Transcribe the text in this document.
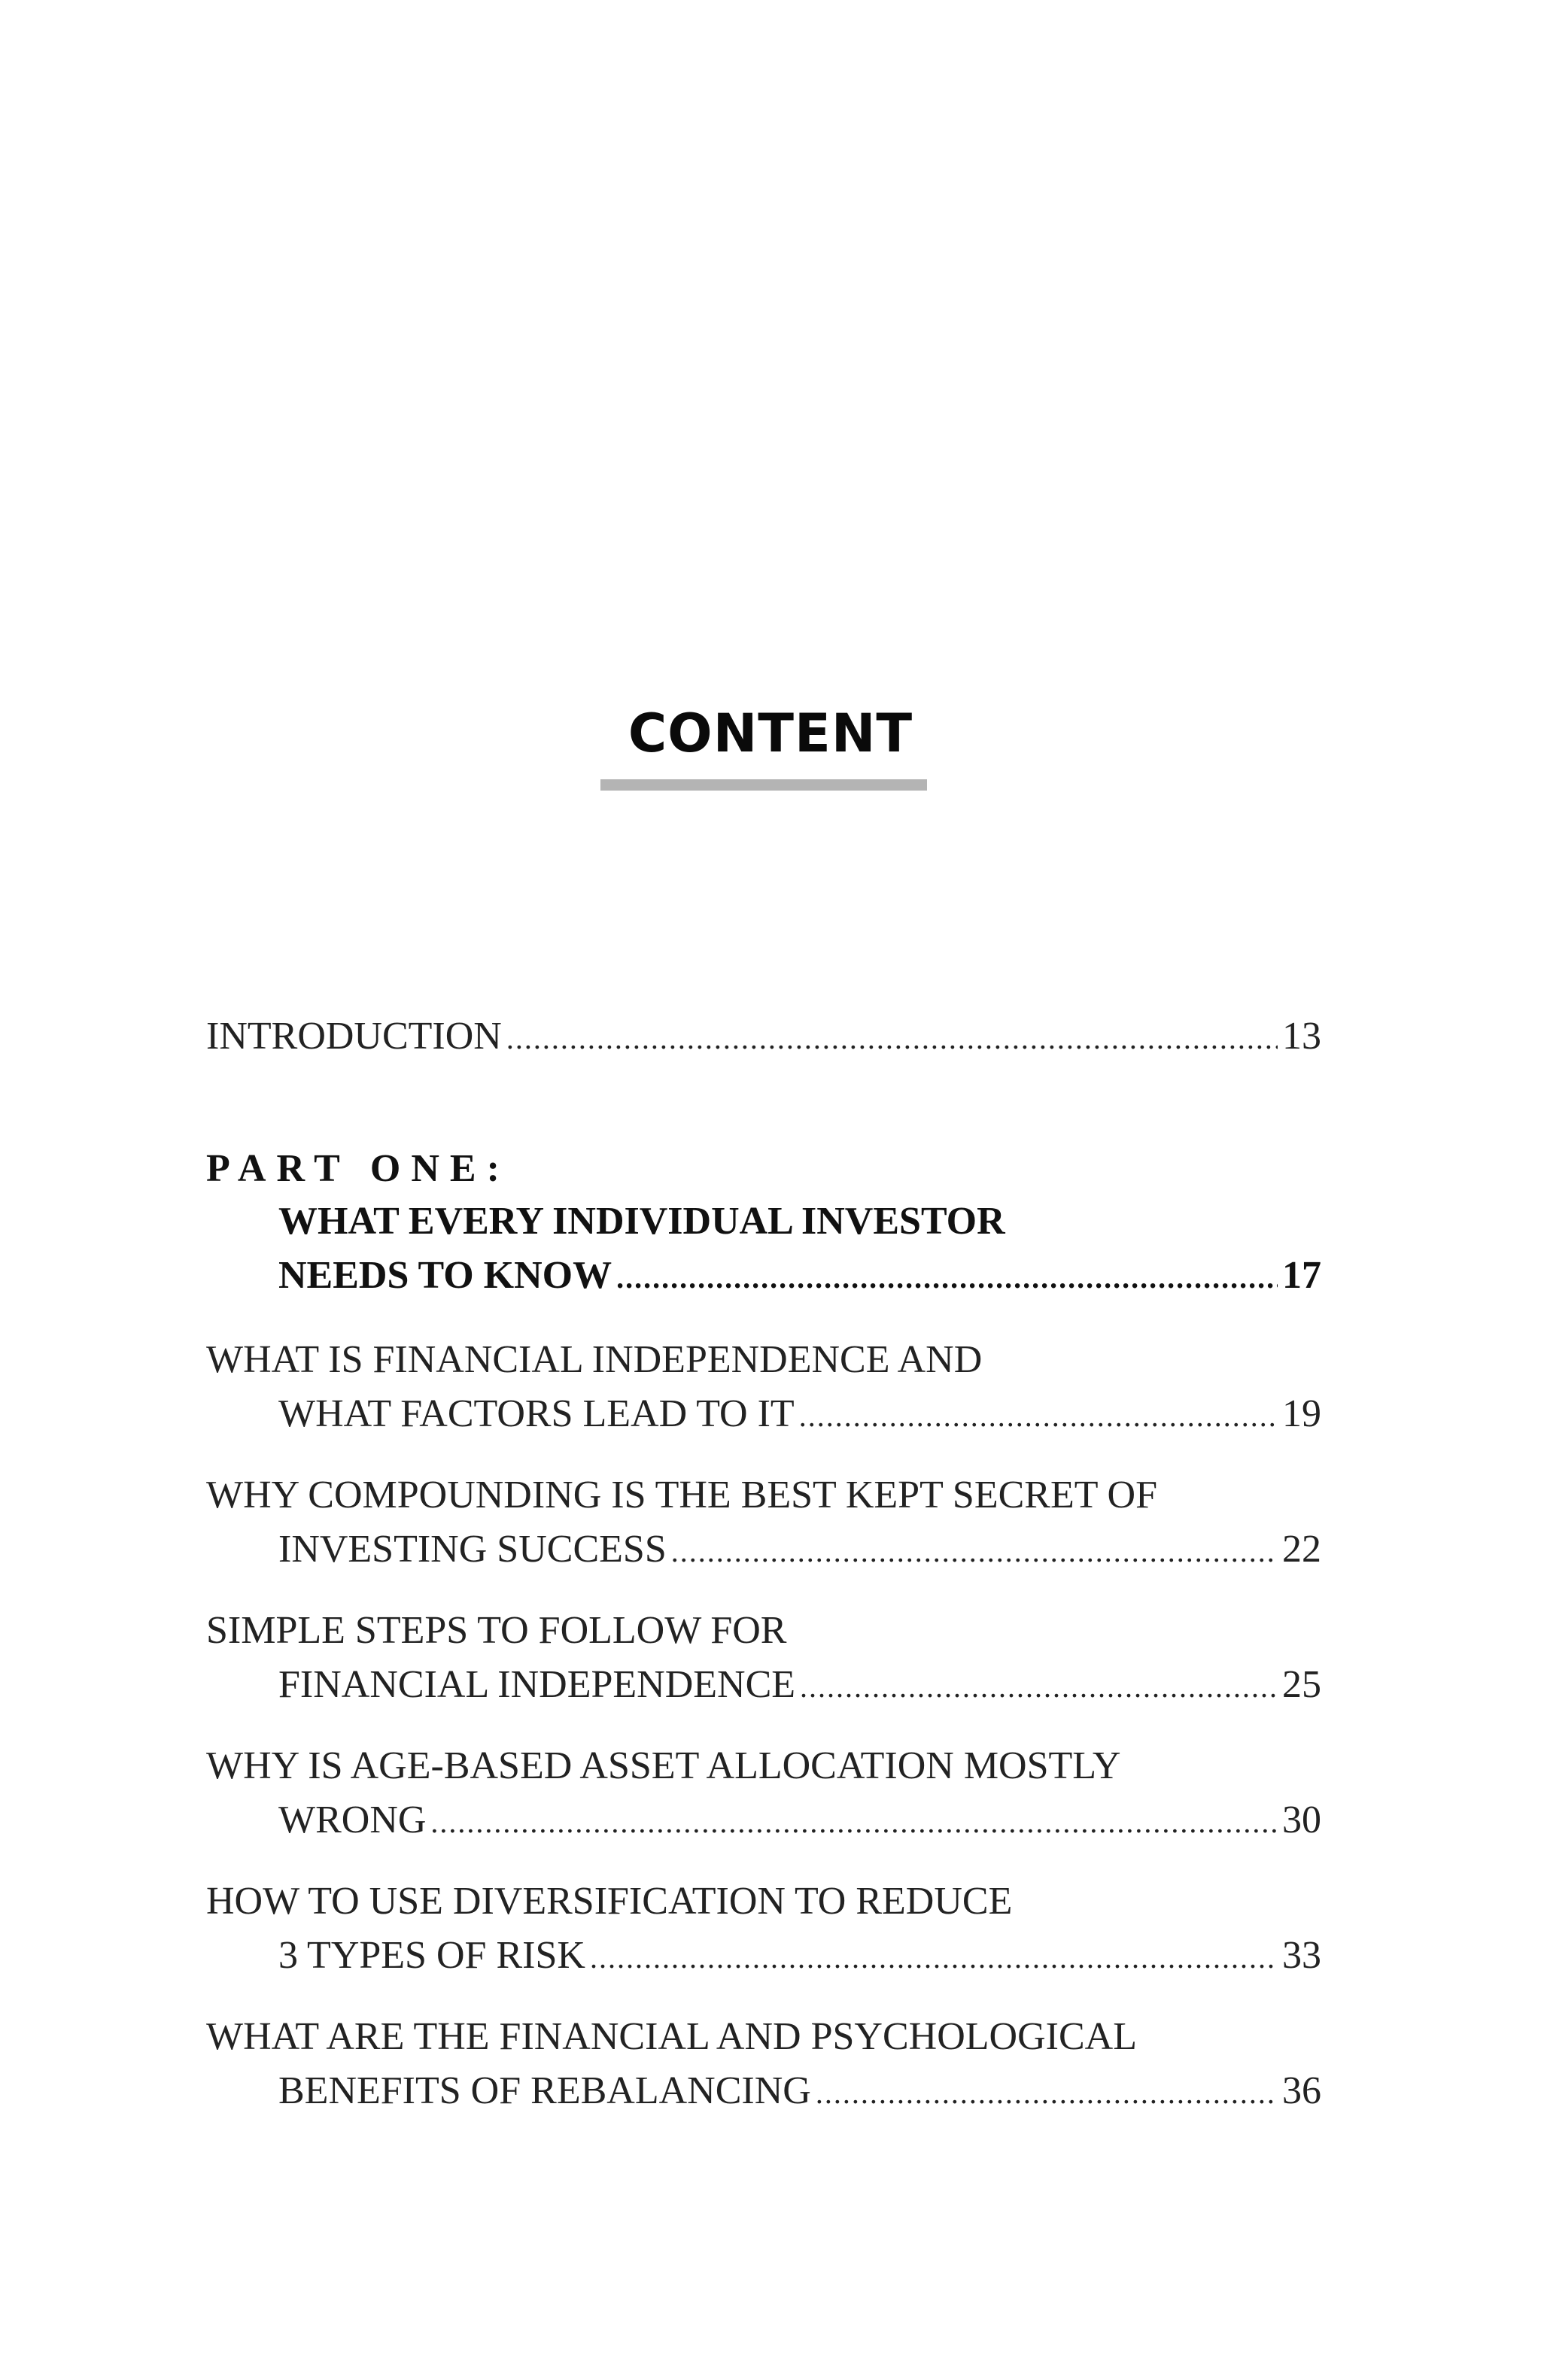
CONTENT
INTRODUCTION .....	13
PART ONE:
WHAT EVERY INDIVIDUAL INVESTOR
NEEDS TO KNOW .....	17
WHAT IS FINANCIAL INDEPENDENCE AND
WHAT FACTORS LEAD TO IT .....	19
WHY COMPOUNDING IS THE BEST KEPT SECRET OF
INVESTING SUCCESS .....	22
SIMPLE STEPS TO FOLLOW FOR
FINANCIAL INDEPENDENCE .....	25
WHY IS AGE-BASED ASSET ALLOCATION MOSTLY
WRONG .....	30
HOW TO USE DIVERSIFICATION TO REDUCE
3 TYPES OF RISK .....	33
WHAT ARE THE FINANCIAL AND PSYCHOLOGICAL
BENEFITS OF REBALANCING .....	36
